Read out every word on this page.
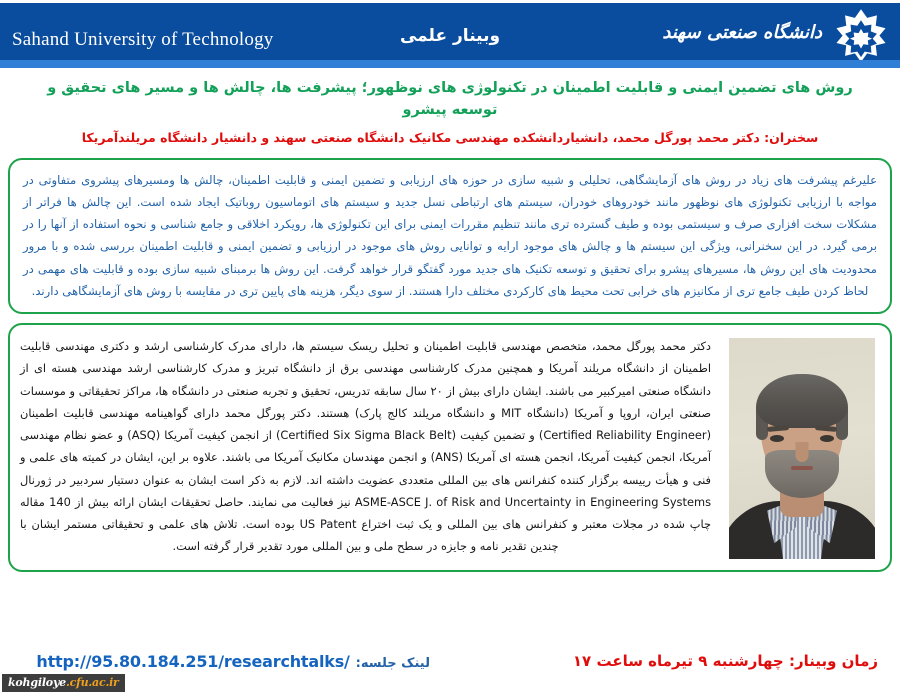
Sahand University of Technology	وبینار علمی	دانشگاه صنعتی سهند
روش های تضمین ایمنی و قابلیت اطمینان در تکنولوژی های نوظهور؛ پیشرفت ها، چالش ها و مسیر های تحقیق و توسعه پیشرو
سخنران: دکتر محمد پورگل محمد، دانشیاردانشکده مهندسی مکانیک دانشگاه صنعتی سهند و دانشیار دانشگاه مریلندآمریکا

علیرغم پیشرفت های زیاد در روش های آزمایشگاهی، تحلیلی و شبیه سازی در حوزه های ارزیابی و تضمین ایمنی و قابلیت اطمینان، چالش ها ومسیرهای پیشروی متفاوتی در مواجه با ارزیابی تکنولوژی های نوظهور مانند خودروهای خودران، سیستم های ارتباطی نسل جدید و سیستم های اتوماسیون روباتیک ایجاد شده است. این چالش ها فراتر از مشکلات سخت افزاری صرف و سیستمی بوده و طیف گسترده تری مانند تنظیم مقررات ایمنی برای این تکنولوژی ها، رویکرد اخلاقی و جامع شناسی و نحوه استفاده از آنها را در برمی گیرد. در این سخنرانی، ویژگی این سیستم ها و چالش های موجود ارایه و توانایی روش های موجود در ارزیابی و تضمین ایمنی و قابلیت اطمینان بررسی شده و با مرور محدودیت های این روش ها، مسیرهای پیشرو برای تحقیق و توسعه تکنیک های جدید مورد گفتگو قرار خواهد گرفت. این روش ها برمبنای شبیه سازی بوده و قابلیت های مهمی در لحاظ کردن طیف جامع تری از مکانیزم های خرابی تحت محیط های کارکردی مختلف دارا هستند. از سوی دیگر، هزینه های پایین تری در مقایسه با روش های آزمایشگاهی دارند.

دکتر محمد پورگل محمد، متخصص مهندسی قابلیت اطمینان و تحلیل ریسک سیستم ها، دارای مدرک کارشناسی ارشد و دکتری مهندسی قابلیت اطمینان از دانشگاه مریلند آمریکا و همچنین مدرک کارشناسی مهندسی برق از دانشگاه تبریز و مدرک کارشناسی ارشد مهندسی هسته ای از دانشگاه صنعتی امیرکبیر می باشند. ایشان دارای بیش از ۲۰ سال سابقه تدریس، تحقیق و تجربه صنعتی در دانشگاه ها، مراکز تحقیقاتی و موسسات صنعتی ایران، اروپا و آمریکا (دانشگاه MIT و دانشگاه مریلند کالج پارک) هستند. دکتر پورگل محمد دارای گواهینامه مهندسی قابلیت اطمینان (Certified Reliability Engineer) و تضمین کیفیت (Certified Six Sigma Black Belt) از انجمن کیفیت آمریکا (ASQ) و عضو نظام مهندسی آمریکا، انجمن کیفیت آمریکا، انجمن هسته ای آمریکا (ANS) و انجمن مهندسان مکانیک آمریکا می باشند. علاوه بر این، ایشان در کمیته های علمی و فنی و هیأت رییسه برگزار کننده کنفرانس های بین المللی متعددی عضویت داشته اند. لازم به ذکر است ایشان به عنوان دستیار سردبیر در ژورنال ASME-ASCE J. of Risk and Uncertainty in Engineering Systems نیز فعالیت می نمایند. حاصل تحقیقات ایشان ارائه بیش از 140 مقاله چاپ شده در مجلات معتبر و کنفرانس های بین المللی و یک ثبت اختراع US Patent بوده است. تلاش های علمی و تحقیقاتی مستمر ایشان با چندین تقدیر نامه و جایزه در سطح ملی و بین المللی مورد تقدیر قرار گرفته است.

زمان وبینار: چهارشنبه ۹ تیرماه ساعت ۱۷
لینک جلسه:
http://95.80.184.251/researchtalks/
kohgiloye.cfu.ac.ir
